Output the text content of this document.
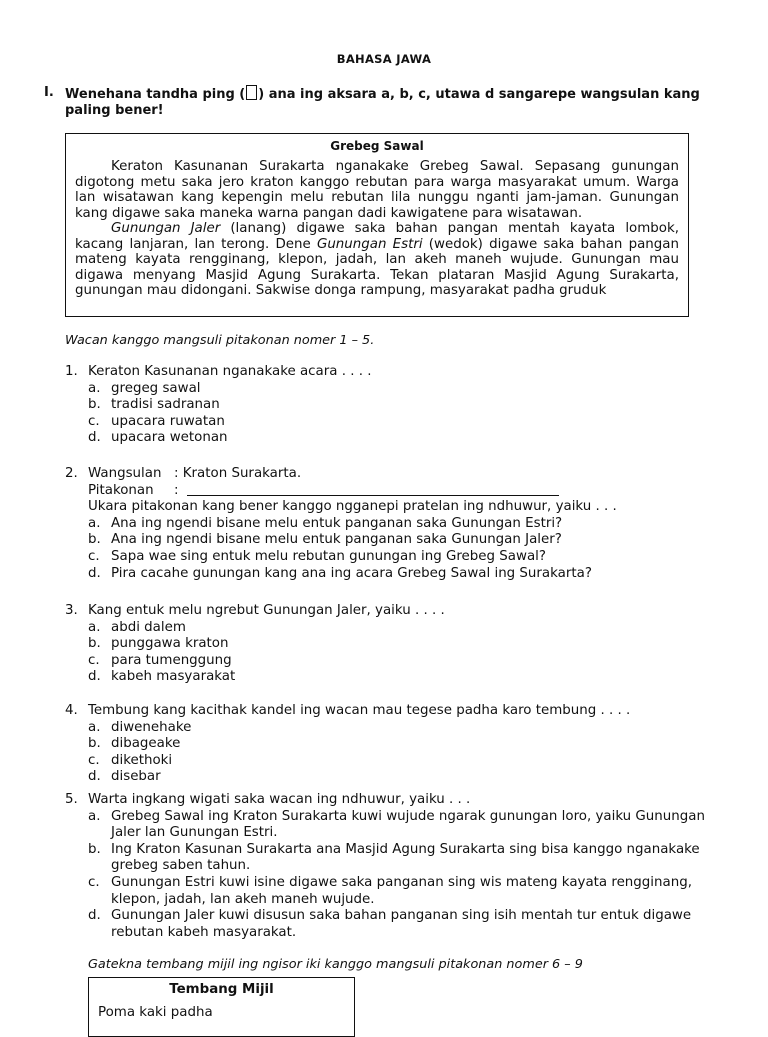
BAHASA JAWA
I. Wenehana tandha ping ( ) ana ing aksara a, b, c, utawa d sangarepe wangsulan kang paling bener!
Grebeg Sawal

Keraton Kasunanan Surakarta nganakake Grebeg Sawal. Sepasang gunungan digotong metu saka jero kraton kanggo rebutan para warga masyarakat umum. Warga lan wisatawan kang kepengin melu rebutan lila nunggu nganti jam-jaman. Gunungan kang digawe saka maneka warna pangan dadi kawigatene para wisatawan.

Gunungan Jaler (lanang) digawe saka bahan pangan mentah kayata lombok, kacang lanjaran, lan terong. Dene Gunungan Estri (wedok) digawe saka bahan pangan mateng kayata rengginang, klepon, jadah, lan akeh maneh wujude. Gunungan mau digawa menyang Masjid Agung Surakarta. Tekan plataran Masjid Agung Surakarta, gunungan mau didongani. Sakwise donga rampung, masyarakat padha gruduk

Wacan kanggo mangsuli pitakonan nomer 1 – 5.
1. Keraton Kasunanan nganakake acara . . . .
a. gregeg sawal
b. tradisi sadranan
c. upacara ruwatan
d. upacara wetonan
2. Wangsulan : Kraton Surakarta.
Pitakonan	:

Ukara pitakonan kang bener kanggo ngganepi pratelan ing ndhuwur, yaiku . . .
a. Ana ing ngendi bisane melu entuk panganan saka Gunungan Estri?
b. Ana ing ngendi bisane melu entuk panganan saka Gunungan Jaler?
c. Sapa wae sing entuk melu rebutan gunungan ing Grebeg Sawal?
d. Pira cacahe gunungan kang ana ing acara Grebeg Sawal ing Surakarta?
3. Kang entuk melu ngrebut Gunungan Jaler, yaiku . . . .
a. abdi dalem
b. punggawa kraton
c. para tumenggung
d. kabeh masyarakat
4. Tembung kang kacithak kandel ing wacan mau tegese padha karo tembung . . . .
a. diwenehake
b. dibageake
c. dikethoki
d. disebar
5. Warta ingkang wigati saka wacan ing ndhuwur, yaiku . . .
a. Grebeg Sawal ing Kraton Surakarta kuwi wujude ngarak gunungan loro, yaiku Gunungan Jaler lan Gunungan Estri.
b. Ing Kraton Kasunan Surakarta ana Masjid Agung Surakarta sing bisa kanggo nganakake grebeg saben tahun.
c. Gunungan Estri kuwi isine digawe saka panganan sing wis mateng kayata rengginang, klepon, jadah, lan akeh maneh wujude.
d. Gunungan Jaler kuwi disusun saka bahan panganan sing isih mentah tur entuk digawe rebutan kabeh masyarakat.
Gatekna tembang mijil ing ngisor iki kanggo mangsuli pitakonan nomer 6 – 9
Tembang Mijil
Poma kaki padha
